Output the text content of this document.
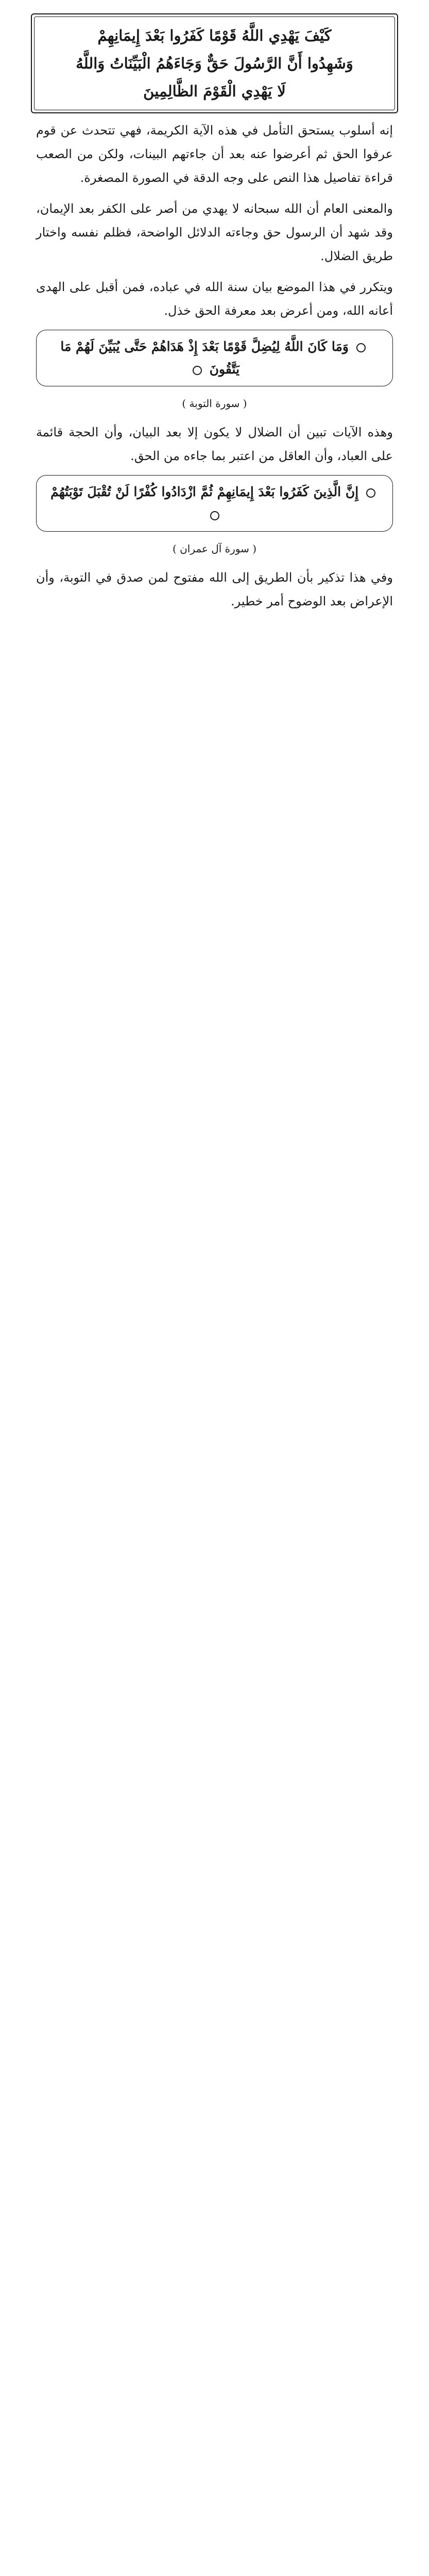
كَيْفَ يَهْدِي اللَّهُ قَوْمًا كَفَرُوا بَعْدَ إِيمَانِهِمْ
وَشَهِدُوا أَنَّ الرَّسُولَ حَقٌّ وَجَاءَهُمُ الْبَيِّنَاتُ وَاللَّهُ
لَا يَهْدِي الْقَوْمَ الظَّالِمِينَ

إنه أسلوب يستحق التأمل في هذه الآية الكريمة، فهي تتحدث عن قوم عرفوا الحق ثم أعرضوا عنه بعد أن جاءتهم البينات، ولكن من الصعب قراءة تفاصيل هذا النص على وجه الدقة في الصورة المصغرة.

والمعنى العام أن الله سبحانه لا يهدي من أصر على الكفر بعد الإيمان، وقد شهد أن الرسول حق وجاءته الدلائل الواضحة، فظلم نفسه واختار طريق الضلال.

ويتكرر في هذا الموضع بيان سنة الله في عباده، فمن أقبل على الهدى أعانه الله، ومن أعرض بعد معرفة الحق خذل.

وَمَا كَانَ اللَّهُ لِيُضِلَّ قَوْمًا بَعْدَ إِذْ هَدَاهُمْ حَتَّى يُبَيِّنَ لَهُمْ مَا يَتَّقُونَ
( سورة التوبة )

وهذه الآيات تبين أن الضلال لا يكون إلا بعد البيان، وأن الحجة قائمة على العباد، وأن العاقل من اعتبر بما جاءه من الحق.

إِنَّ الَّذِينَ كَفَرُوا بَعْدَ إِيمَانِهِمْ ثُمَّ ازْدَادُوا كُفْرًا لَنْ تُقْبَلَ تَوْبَتُهُمْ
( سورة آل عمران )

وفي هذا تذكير بأن الطريق إلى الله مفتوح لمن صدق في التوبة، وأن الإعراض بعد الوضوح أمر خطير.
